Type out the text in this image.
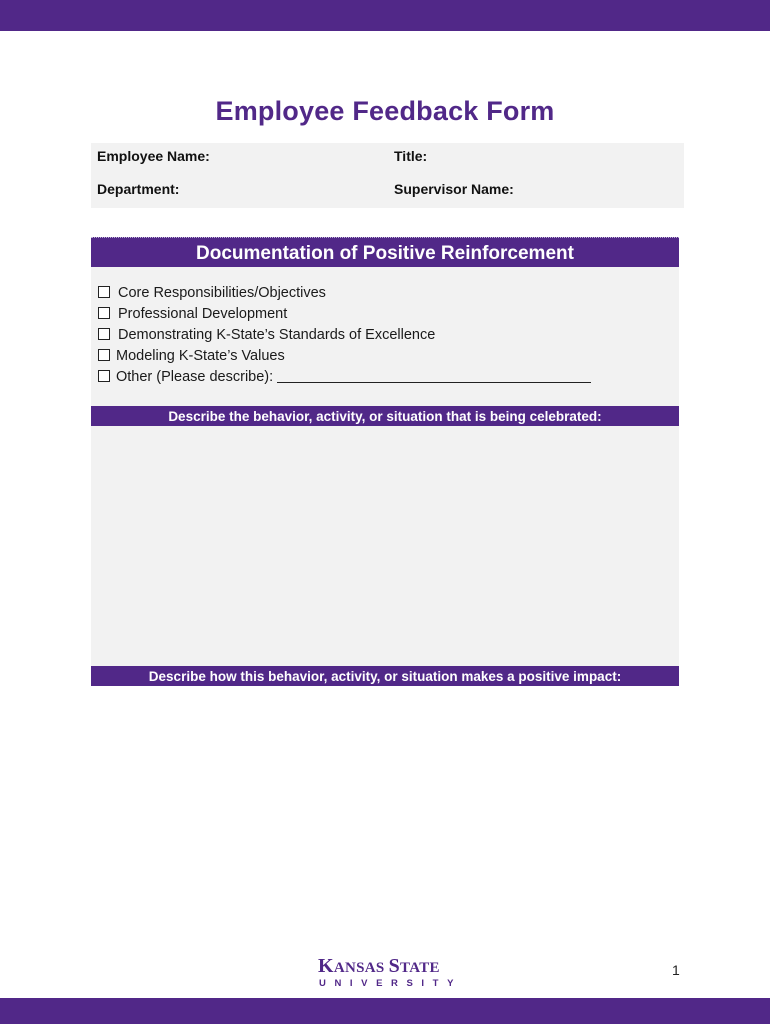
Employee Feedback Form
Employee Name:	Title:
Department:	Supervisor Name:
Documentation of Positive Reinforcement
Core Responsibilities/Objectives
Professional Development
Demonstrating K-State’s Standards of Excellence
Modeling K-State’s Values
Other (Please describe):
Describe the behavior, activity, or situation that is being celebrated:
Describe how this behavior, activity, or situation makes a positive impact:
KANSAS STATE
UNIVERSITY
1
